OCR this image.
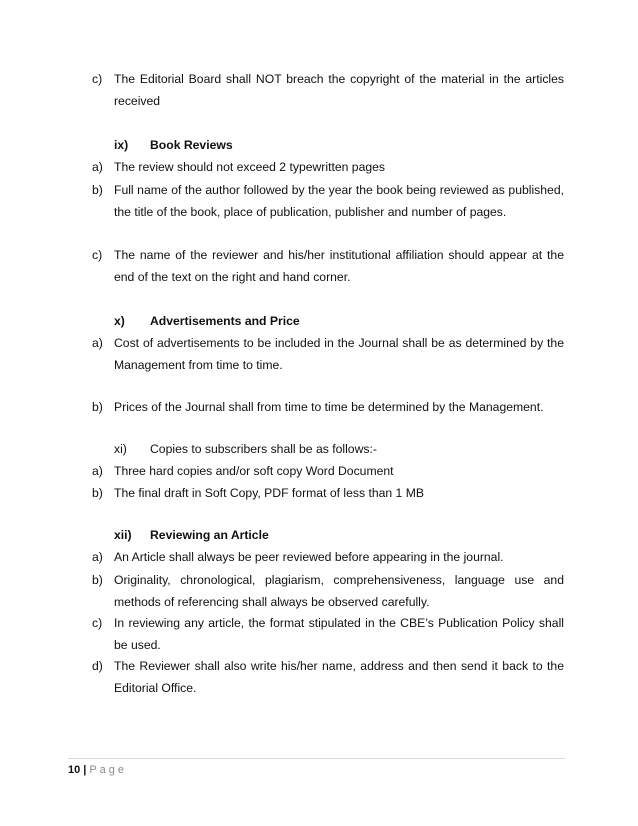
c) The Editorial Board shall NOT breach the copyright of the material in the articles received
ix) Book Reviews
a) The review should not exceed 2 typewritten pages
b) Full name of the author followed by the year the book being reviewed as published, the title of the book, place of publication, publisher and number of pages.
c) The name of the reviewer and his/her institutional affiliation should appear at the end of the text on the right and hand corner.
x) Advertisements and Price
a) Cost of advertisements to be included in the Journal shall be as determined by the Management from time to time.
b) Prices of the Journal shall from time to time be determined by the Management.
xi) Copies to subscribers shall be as follows:-
a) Three hard copies and/or soft copy Word Document
b) The final draft in Soft Copy, PDF format of less than 1 MB
xii) Reviewing an Article
a) An Article shall always be peer reviewed before appearing in the journal.
b) Originality, chronological, plagiarism, comprehensiveness, language use and methods of referencing shall always be observed carefully.
c) In reviewing any article, the format stipulated in the CBE’s Publication Policy shall be used.
d) The Reviewer shall also write his/her name, address and then send it back to the Editorial Office.
10 | Page
